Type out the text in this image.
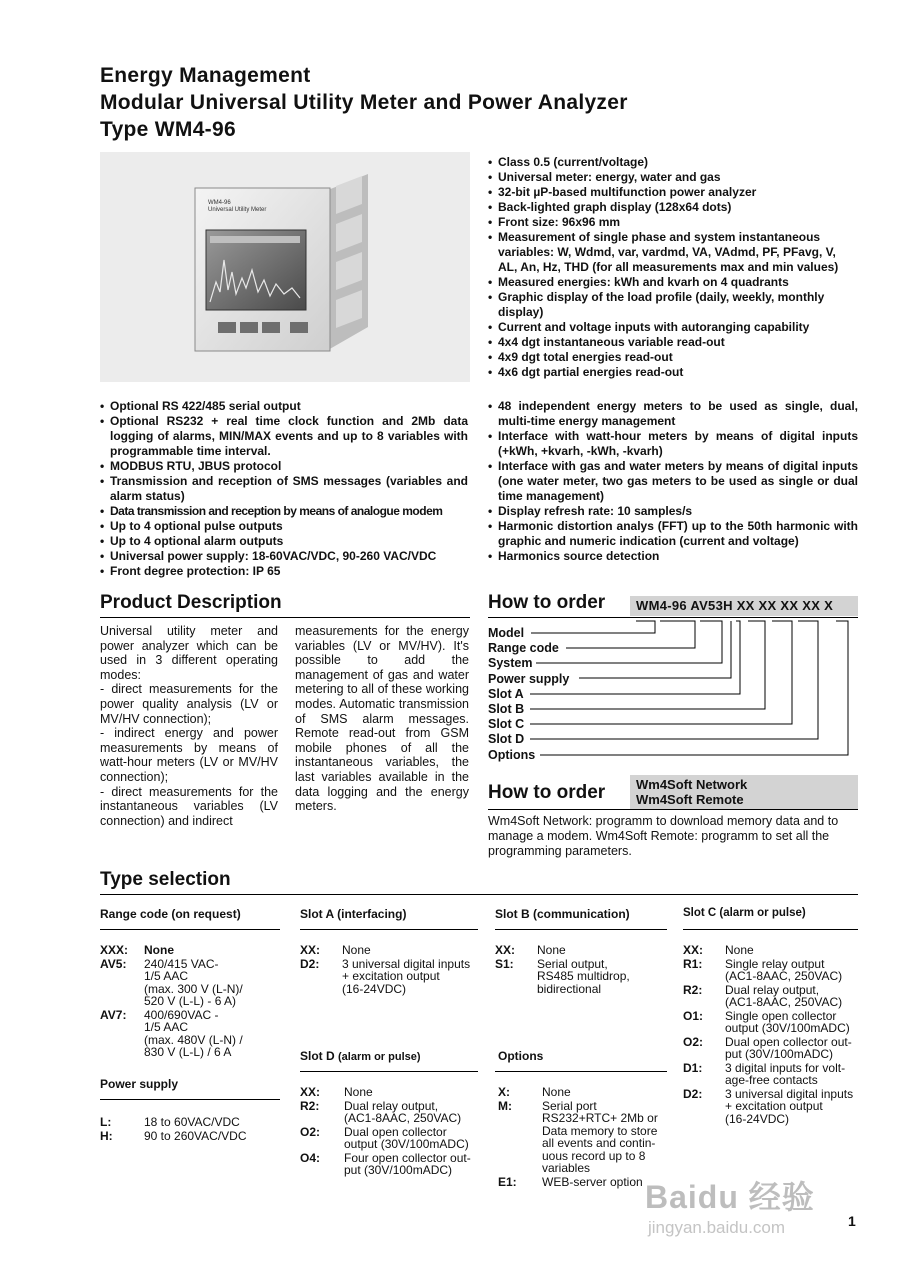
Energy Management

Modular Universal Utility Meter and Power Analyzer

Type WM4-96

WM4-96
Universal Utility Meter
• Class 0.5 (current/voltage)
• Universal meter: energy, water and gas
• 32-bit µP-based multifunction power analyzer
• Back-lighted graph display (128x64 dots)
• Front size: 96x96 mm
• Measurement of single phase and system instantaneous variables: W, Wdmd, var, vardmd, VA, VAdmd, PF, PFavg, V, AL, An, Hz, THD (for all measurements max and min values)
• Measured energies: kWh and kvarh on 4 quadrants
• Graphic display of the load profile (daily, weekly, monthly display)
• Current and voltage inputs with autoranging capability
• 4x4 dgt instantaneous variable read-out
• 4x9 dgt total energies read-out
• 4x6 dgt partial energies read-out
• Optional RS 422/485 serial output
• Optional RS232 + real time clock function and 2Mb data logging of alarms, MIN/MAX events and up to 8 variables with programmable time interval.
• MODBUS RTU, JBUS protocol
• Transmission and reception of SMS messages (variables and alarm status)
• Data transmission and reception by means of analogue modem
• Up to 4 optional pulse outputs
• Up to 4 optional alarm outputs
• Universal power supply: 18-60VAC/VDC, 90-260 VAC/VDC
• Front degree protection: IP 65
• 48 independent energy meters to be used as single, dual, multi-time energy management
• Interface with watt-hour meters by means of digital inputs (+kWh, +kvarh, -kWh, -kvarh)
• Interface with gas and water meters by means of digital inputs (one water meter, two gas meters to be used as single or dual time management)
• Display refresh rate: 10 samples/s
• Harmonic distortion analys (FFT) up to the 50th harmonic with graphic and numeric indication (current and voltage)
• Harmonics source detection
Product Description

Universal utility meter and power analyzer which can be used in 3 different operating modes:
- direct measurements for the power quality analysis (LV or MV/HV connection);
- indirect energy and power measurements by means of watt-hour meters (LV or MV/HV connection);
- direct measurements for the instantaneous variables (LV connection) and indirect

measurements for the energy variables (LV or MV/HV). It's possible to add the management of gas and water metering to all of these working modes. Automatic transmission of SMS alarm messages. Remote read-out from GSM mobile phones of all the instantaneous variables, the last variables available in the data logging and the energy meters.

How to order	WM4-96 AV53H XX XX XX XX X
Model
Range code
System
Power supply
Slot A
Slot B
Slot C
Slot D
Options
How to order	Wm4Soft Network
Wm4Soft Remote

Wm4Soft Network: programm to download memory data and to manage a modem. Wm4Soft Remote: programm to set all the programming parameters.

Type selection
Range code (on request)
XXX:	None
AV5:	240/415 VAC-
1/5 AAC
(max. 300 V (L-N)/
520 V (L-L) - 6 A)
AV7:	400/690VAC -
1/5 AAC
(max. 480V (L-N) /
830 V (L-L) / 6 A
Power supply
L:	18 to 60VAC/VDC
H:	90 to 260VAC/VDC
Slot A (interfacing)
XX:	None
D2:	3 universal digital inputs
+ excitation output
(16-24VDC)
Slot D (alarm or pulse)
XX:	None
R2:	Dual relay output,
(AC1-8AAC, 250VAC)
O2:	Dual open collector
output (30V/100mADC)
O4:	Four open collector out-
put (30V/100mADC)
Slot B (communication)
XX:	None
S1:	Serial output,
RS485 multidrop,
bidirectional
Options
X:	None
M:	Serial port
RS232+RTC+ 2Mb or
Data memory to store
all events and contin-
uous record up to 8
variables
E1:	WEB-server option
Slot C (alarm or pulse)
XX:	None
R1:	Single relay output
(AC1-8AAC, 250VAC)
R2:	Dual relay output,
(AC1-8AAC, 250VAC)
O1:	Single open collector
output (30V/100mADC)
O2:	Dual open collector out-
put (30V/100mADC)
D1:	3 digital inputs for volt-
age-free contacts
D2:	3 universal digital inputs
+ excitation output
(16-24VDC)
Baidu 经验
jingyan.baidu.com	1
